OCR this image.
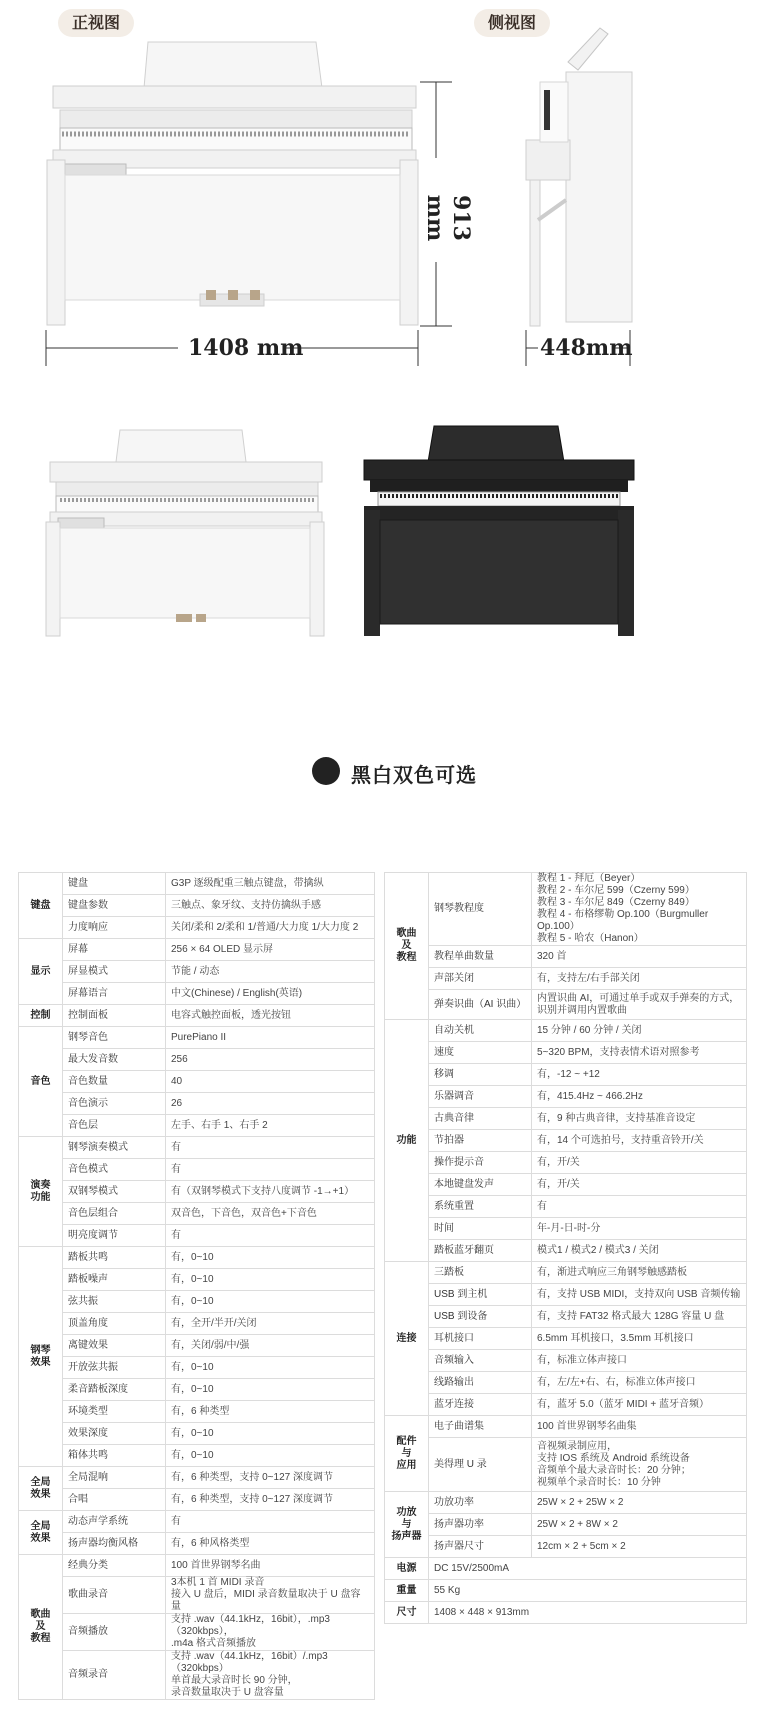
正视图	侧视图
913 mm
1408 mm	448mm
黑白双色可选
键盘	键盘	G3P 逐级配重三触点键盘，带擒纵
	键盘参数	三触点、象牙纹、支持仿擒纵手感
	力度响应	关闭/柔和 2/柔和 1/普通/大力度 1/大力度 2
显示	屏幕	256 × 64 OLED 显示屏
	屏显模式	节能 / 动态
	屏幕语言	中文(Chinese) / English(英语)
控制	控制面板	电容式触控面板，透光按钮
音色	钢琴音色	PurePiano II
	最大发音数	256
	音色数量	40
	音色演示	26
	音色层	左手、右手 1、右手 2
演奏
功能	钢琴演奏模式	有
	音色模式	有
	双钢琴模式	有（双钢琴模式下支持八度调节 -1→+1）
	音色层组合	双音色，下音色，双音色+下音色
	明亮度调节	有
钢琴
效果	踏板共鸣	有，0~10
	踏板噪声	有，0~10
	弦共振	有，0~10
	顶盖角度	有，全开/半开/关闭
	离键效果	有，关闭/弱/中/强
	开放弦共振	有，0~10
	柔音踏板深度	有，0~10
	环境类型	有，6 种类型
	效果深度	有，0~10
	箱体共鸣	有，0~10
全局
效果	全局混响	有，6 种类型，支持 0~127 深度调节
	合唱	有，6 种类型，支持 0~127 深度调节
全局
效果	动态声学系统	有
	扬声器均衡风格	有，6 种风格类型
歌曲
及
教程	经典分类	100 首世界钢琴名曲
	歌曲录音	3本机 1 首 MIDI 录音
接入 U 盘后，MIDI 录音数量取决于 U 盘容量
	音频播放	支持 .wav（44.1kHz，16bit），.mp3（320kbps），
.m4a 格式音频播放
	音频录音	支持 .wav（44.1kHz，16bit）/.mp3（320kbps）
单首最大录音时长 90 分钟，
录音数量取决于 U 盘容量
歌曲
及
教程	钢琴教程度	教程 1 - 拜厄（Beyer）
教程 2 - 车尔尼 599（Czerny 599）
教程 3 - 车尔尼 849（Czerny 849）
教程 4 - 布格缪勒 Op.100（Burgmuller Op.100）
教程 5 - 哈农（Hanon）
	教程单曲数量	320 首
	声部关闭	有，支持左/右手部关闭
	弹奏识曲（AI 识曲）	内置识曲 AI，可通过单手或双手弹奏的方式，
识别并调用内置歌曲
功能	自动关机	15 分钟 / 60 分钟 / 关闭
	速度	5~320 BPM，支持表情术语对照参考
	移调	有，-12 ~ +12
	乐器调音	有，415.4Hz ~ 466.2Hz
	古典音律	有，9 种古典音律，支持基准音设定
	节拍器	有，14 个可选拍号，支持重音铃开/关
	操作提示音	有，开/关
	本地键盘发声	有，开/关
	系统重置	有
	时间	年-月-日-时-分
	踏板蓝牙翻页	模式1 / 模式2 / 模式3 / 关闭
连接	三踏板	有，渐进式响应三角钢琴触感踏板
	USB 到主机	有，支持 USB MIDI，支持双向 USB 音频传输
	USB 到设备	有，支持 FAT32 格式最大 128G 容量 U 盘
	耳机接口	6.5mm 耳机接口，3.5mm 耳机接口
	音频输入	有，标准立体声接口
	线路输出	有，左/左+右、右，标准立体声接口
	蓝牙连接	有，蓝牙 5.0（蓝牙 MIDI + 蓝牙音频）
配件
与
应用	电子曲谱集	100 首世界钢琴名曲集
	美得理 U 录	音视频录制应用，
支持 IOS 系统及 Android 系统设备
音频单个最大录音时长：20 分钟；
视频单个录音时长：10 分钟
功放
与
扬声器	功放功率	25W × 2 + 25W × 2
	扬声器功率	25W × 2 + 8W × 2
	扬声器尺寸	12cm × 2 + 5cm × 2
电源	DC 15V/2500mA	
重量	55 Kg	
尺寸	1408 × 448 × 913mm	
